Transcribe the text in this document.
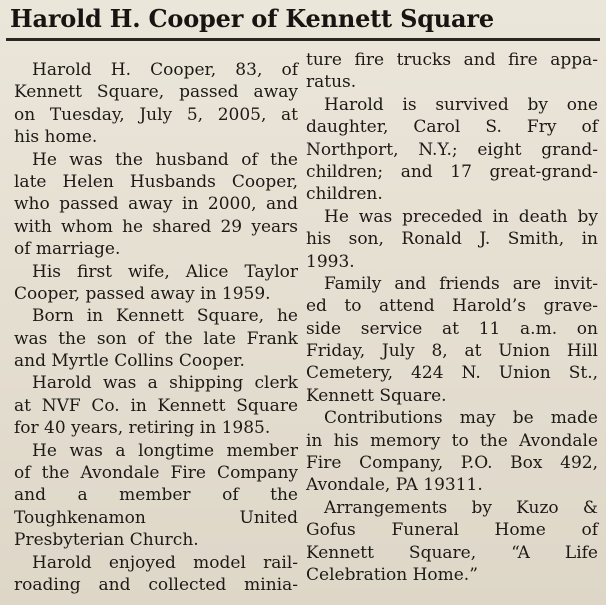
Harold H. Cooper of Kennett Square
Harold H. Cooper, 83, of
Kennett Square, passed away
on Tuesday, July 5, 2005, at
his home.
He was the husband of the
late Helen Husbands Cooper,
who passed away in 2000, and
with whom he shared 29 years
of marriage.
His first wife, Alice Taylor
Cooper, passed away in 1959.
Born in Kennett Square, he
was the son of the late Frank
and Myrtle Collins Cooper.
Harold was a shipping clerk
at NVF Co. in Kennett Square
for 40 years, retiring in 1985.
He was a longtime member
of the Avondale Fire Company
and a member of the
Toughkenamon United
Presbyterian Church.
Harold enjoyed model rail-
roading and collected minia-
ture fire trucks and fire appa-
ratus.
Harold is survived by one
daughter, Carol S. Fry of
Northport, N.Y.; eight grand-
children; and 17 great-grand-
children.
He was preceded in death by
his son, Ronald J. Smith, in
1993.
Family and friends are invit-
ed to attend Harold’s grave-
side service at 11 a.m. on
Friday, July 8, at Union Hill
Cemetery, 424 N. Union St.,
Kennett Square.
Contributions may be made
in his memory to the Avondale
Fire Company, P.O. Box 492,
Avondale, PA 19311.
Arrangements by Kuzo &
Gofus Funeral Home of
Kennett Square, “A Life
Celebration Home.”
